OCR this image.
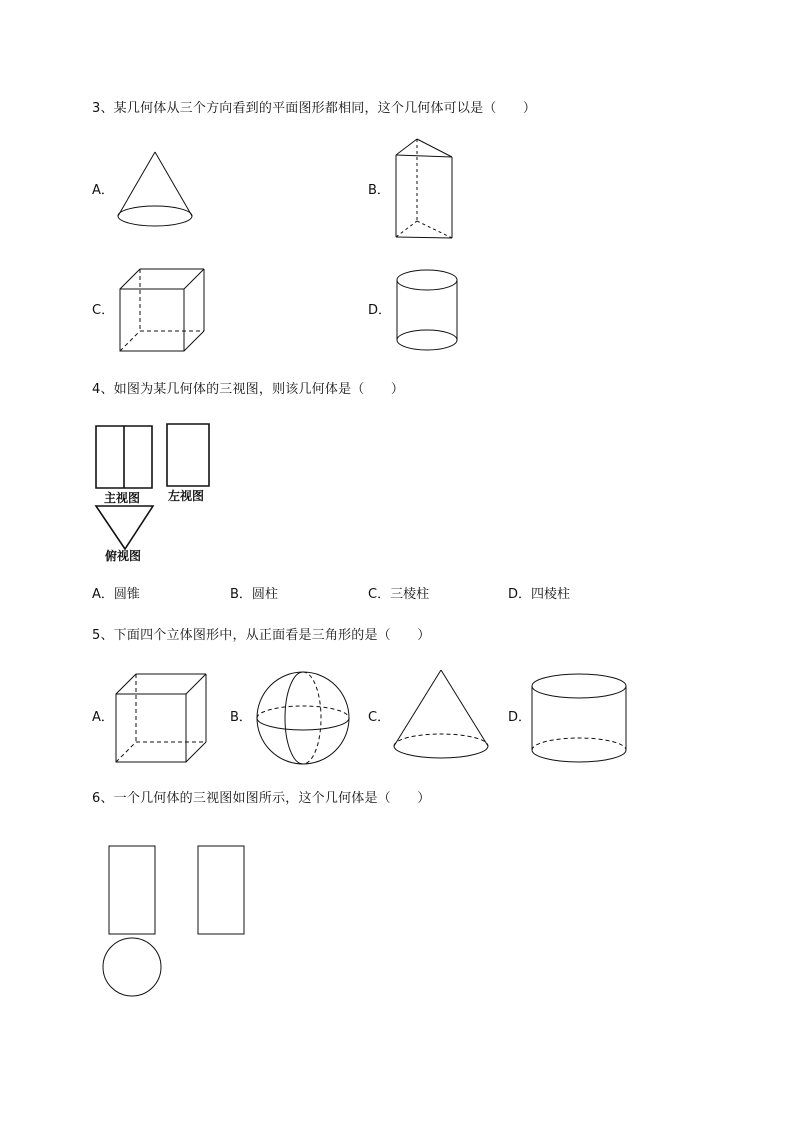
3、某几何体从三个方向看到的平面图形都相同，这个几何体可以是（　　）
A．	B．
C．	D．
4、如图为某几何体的三视图，则该几何体是（　　）
主视图 左视图
俯视图
A．圆锥	B．圆柱	C．三棱柱	D．四棱柱
5、下面四个立体图形中，从正面看是三角形的是（　　）
A．	B．	C．	D．
6、一个几何体的三视图如图所示，这个几何体是（　　）
